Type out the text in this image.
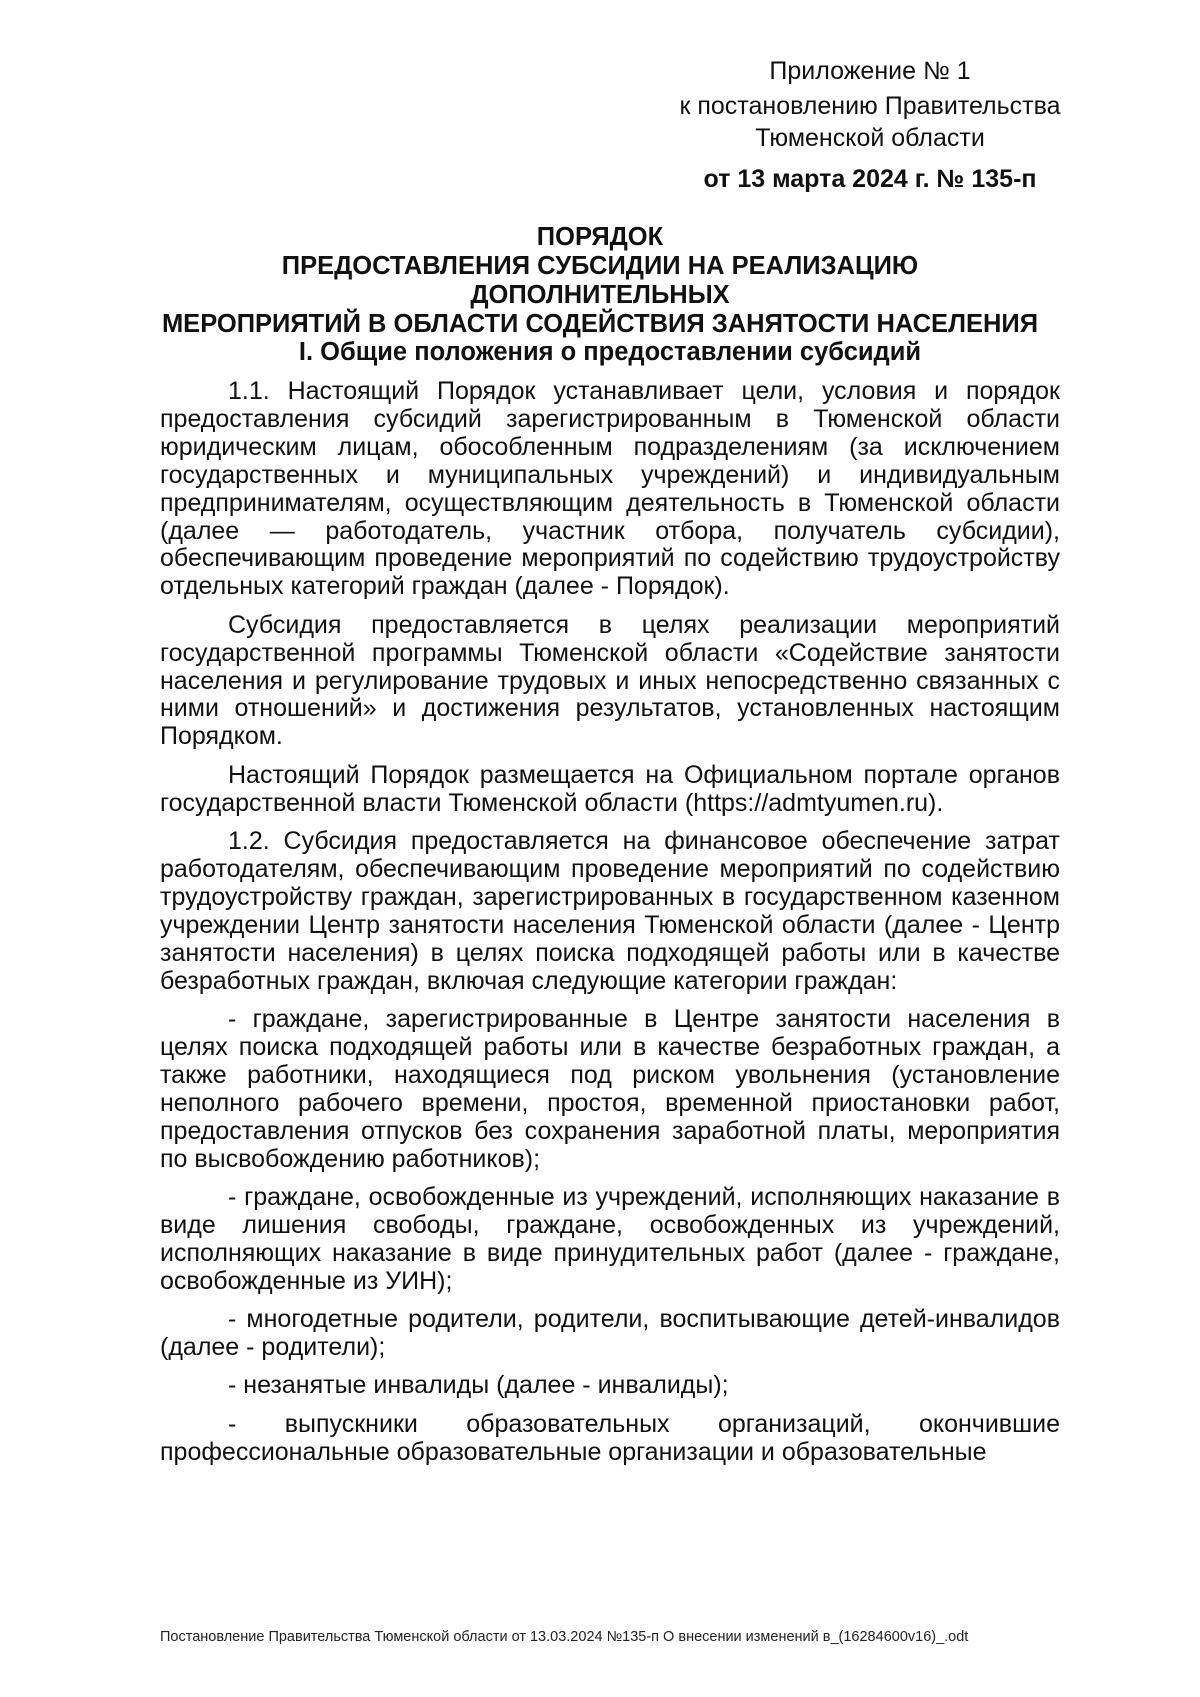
Приложение № 1
к постановлению Правительства
Тюменской области
от 13 марта 2024 г. № 135-п
ПОРЯДОК
ПРЕДОСТАВЛЕНИЯ СУБСИДИИ НА РЕАЛИЗАЦИЮ ДОПОЛНИТЕЛЬНЫХ
МЕРОПРИЯТИЙ В ОБЛАСТИ СОДЕЙСТВИЯ ЗАНЯТОСТИ НАСЕЛЕНИЯ
I. Общие положения о предоставлении субсидий

1.1. Настоящий Порядок устанавливает цели, условия и порядок предоставления субсидий зарегистрированным в Тюменской области юридическим лицам, обособленным подразделениям (за исключением государственных и муниципальных учреждений) и индивидуальным предпринимателям, осуществляющим деятельность в Тюменской области (далее — работодатель, участник отбора, получатель субсидии), обеспечивающим проведение мероприятий по содействию трудоустройству отдельных категорий граждан (далее - Порядок).

Субсидия предоставляется в целях реализации мероприятий государственной программы Тюменской области «Содействие занятости населения и регулирование трудовых и иных непосредственно связанных с ними отношений» и достижения результатов, установленных настоящим Порядком.

Настоящий Порядок размещается на Официальном портале органов государственной власти Тюменской области (https://admtyumen.ru).

1.2. Субсидия предоставляется на финансовое обеспечение затрат работодателям, обеспечивающим проведение мероприятий по содействию трудоустройству граждан, зарегистрированных в государственном казенном учреждении Центр занятости населения Тюменской области (далее - Центр занятости населения) в целях поиска подходящей работы или в качестве безработных граждан, включая следующие категории граждан:

- граждане, зарегистрированные в Центре занятости населения в целях поиска подходящей работы или в качестве безработных граждан, а также работники, находящиеся под риском увольнения (установление неполного рабочего времени, простоя, временной приостановки работ, предоставления отпусков без сохранения заработной платы, мероприятия по высвобождению работников);

- граждане, освобожденные из учреждений, исполняющих наказание в виде лишения свободы, граждане, освобожденных из учреждений, исполняющих наказание в виде принудительных работ (далее - граждане, освобожденные из УИН);

- многодетные родители, родители, воспитывающие детей-инвалидов (далее - родители);

- незанятые инвалиды (далее - инвалиды);

- выпускники образовательных организаций, окончившие профессиональные образовательные организации и образовательные

Постановление Правительства Тюменской области от 13.03.2024 №135-п О внесении изменений в_(16284600v16)_.odt
